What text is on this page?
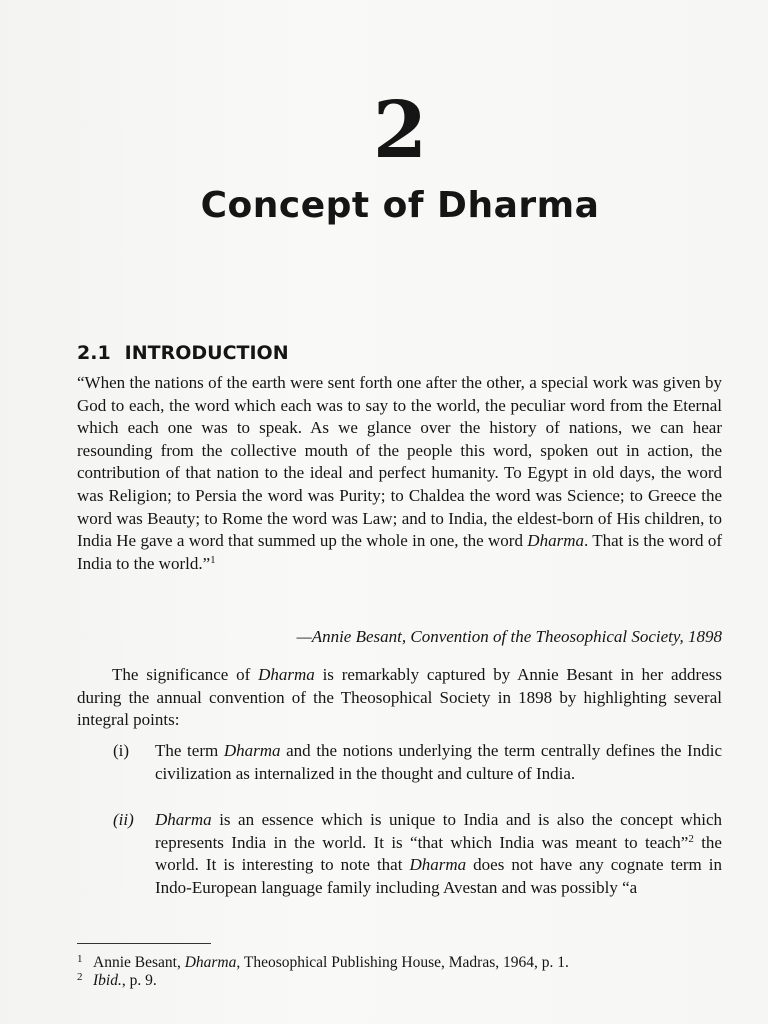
2
Concept of Dharma
2.1 INTRODUCTION

“When the nations of the earth were sent forth one after the other, a special work was given by God to each, the word which each was to say to the world, the peculiar word from the Eternal which each one was to speak. As we glance over the history of nations, we can hear resounding from the collective mouth of the people this word, spoken out in action, the contribution of that nation to the ideal and perfect humanity. To Egypt in old days, the word was Religion; to Persia the word was Purity; to Chaldea the word was Science; to Greece the word was Beauty; to Rome the word was Law; and to India, the eldest-born of His children, to India He gave a word that summed up the whole in one, the word Dharma. That is the word of India to the world.”$^1$

—Annie Besant, Convention of the Theosophical Society, 1898

The significance of Dharma is remarkably captured by Annie Besant in her address during the annual convention of the Theosophical Society in 1898 by highlighting several integral points:

(i) The term Dharma and the notions underlying the term centrally defines the Indic civilization as internalized in the thought and culture of India.
(ii) Dharma is an essence which is unique to India and is also the concept which represents India in the world. It is “that which India was meant to teach”$^2$ the world. It is interesting to note that Dharma does not have any cognate term in Indo-European language family including Avestan and was possibly “a

1 Annie Besant, Dharma, Theosophical Publishing House, Madras, 1964, p. 1.

2 Ibid., p. 9.
